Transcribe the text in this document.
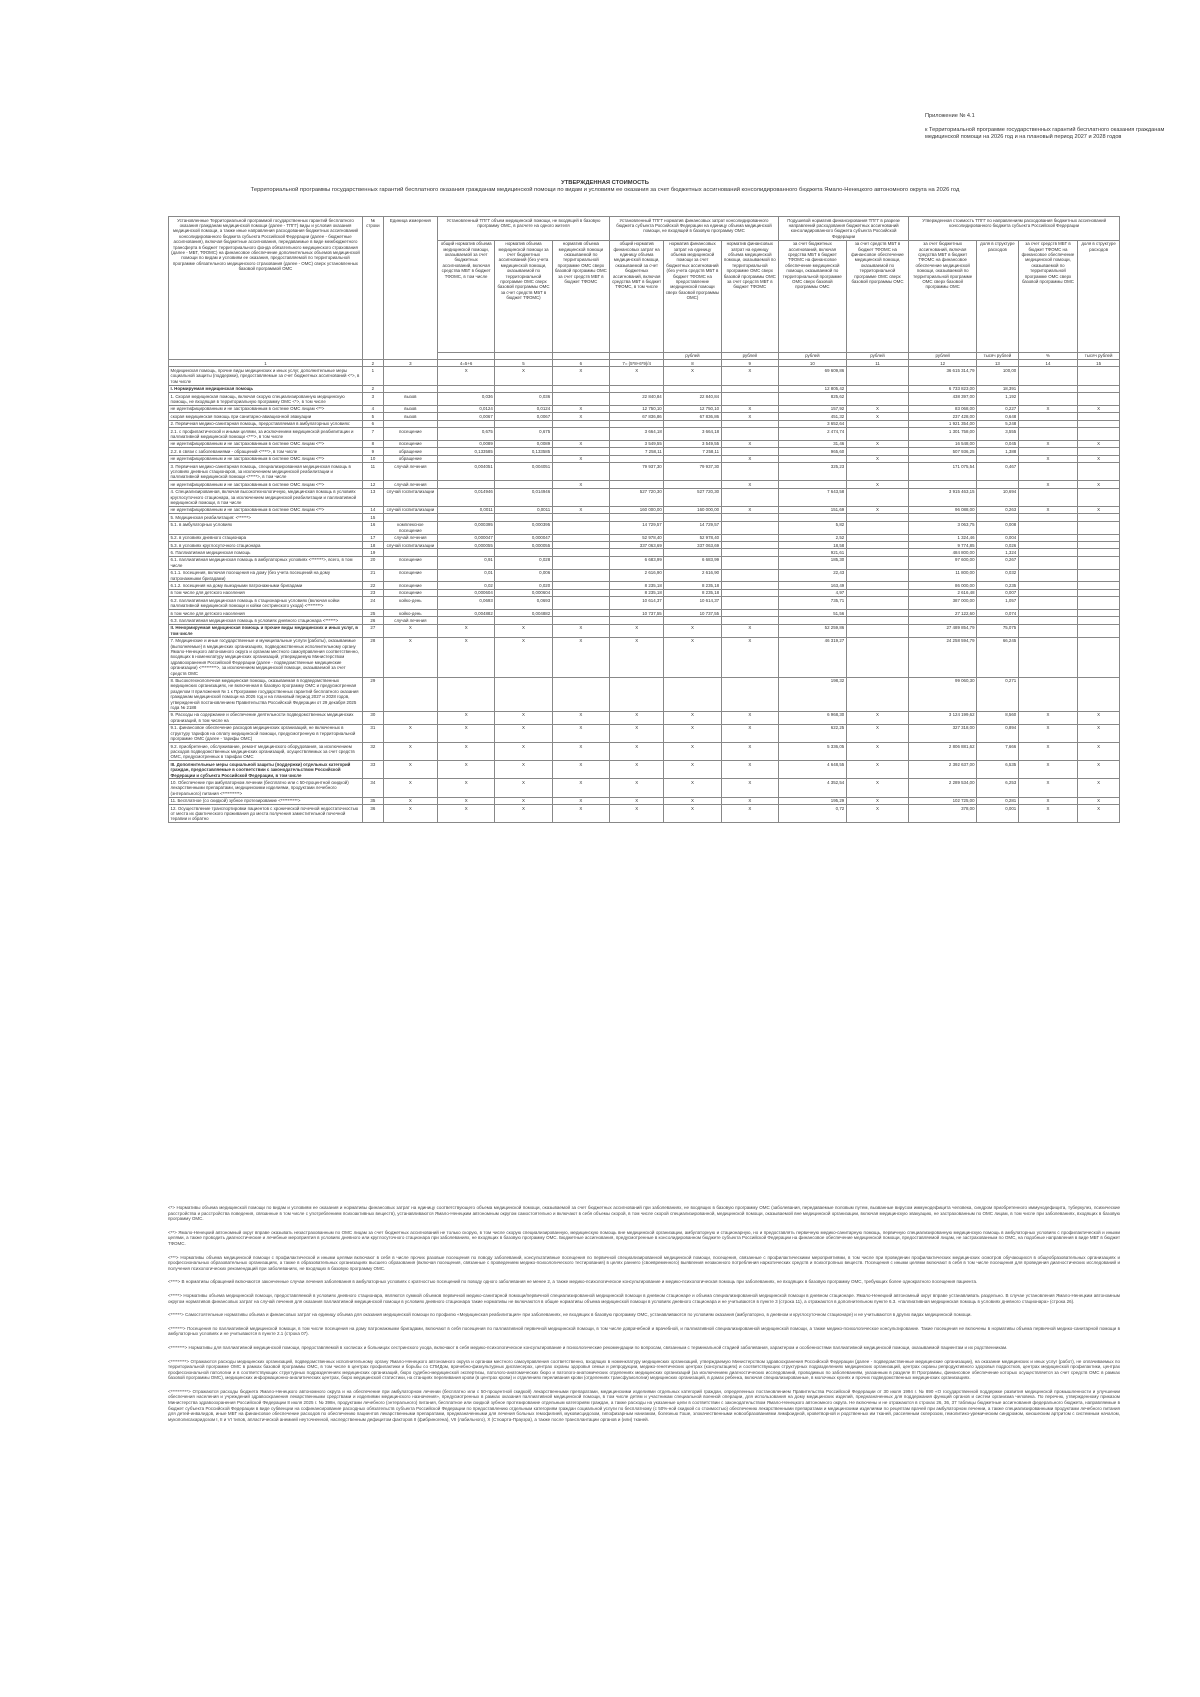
Приложение № 4.1

к Территориальной программе государственных гарантий бесплатного оказания гражданам медицинской помощи на 2026 год и на плановый период 2027 и 2028 годов

УТВЕРЖДЕННАЯ СТОИМОСТЬ
Территориальной программы государственных гарантий бесплатного оказания гражданам медицинской помощи по видам и условиям ее оказания за счет бюджетных ассигнований консолидированного бюджета Ямало-Ненецкого автономного округа на 2026 год
Установленные Территориальной программой государственных гарантий бесплатного оказания гражданам медицинской помощи (далее - ТПГГ) виды и условия оказания медицинской помощи, а также иные направления расходования бюджетных ассигнований консолидированного бюджета субъекта Российской Федерации (далее - бюджетные ассигнования), включая бюджетные ассигнования, передаваемые в виде межбюджетного трансферта в бюджет территориального фонда обязательного медицинского страхования (далее - МБТ, ТФОМС) на финансовое обеспечение дополнительных объемов медицинской помощи по видам и условиям ее оказания, предоставляемой по территориальной программе обязательного медицинского страхования (далее - ОМС) сверх установленных базовой программой ОМС	№ строки	Единица измерения	Установленный ТПГГ объем медицинской помощи, не входящей в базовую программу ОМС, в расчете на одного жителя			Установленный ТПГГ норматив финансовых затрат консолидированного бюджета субъекта Российской Федерации на единицу объема медицинской помощи, не входящей в базовую программу ОМС			Подушевой норматив финансирования ТПГГ в разрезе направлений расходования бюджетных ассигнований консолидированного бюджета субъекта Российской Федерации		Утвержденная стоимость ТПГГ по направлениям расходования бюджетных ассигнований консолидированного бюджета субъекта Российской Федерации			
			общий норматив объема медицинской помощи, оказываемой за счет бюджетных ассигнований, включая средства МБТ в бюджет ТФОМС, в том числе	норматив объема медицинской помощи за счет бюджетных ассигнований (без учета медицинской помощи, оказываемой по территориальной программе ОМС сверх базовой программы ОМС за счет средств МБТ в бюджет ТФОМС)	норматив объема медицинской помощи оказываемой по территориальной программе ОМС сверх базовой программы ОМС за счет средств МБТ в бюджет ТФОМС	общий норматив финансовых затрат на единицу объема медицинской помощи, оказываемой за счет бюджетных ассигнований, включая средства МБТ в бюджет ТФОМС, в том числе	норматив финансовых затрат на единицу объема медицинской помощи за счет бюджетных ассигнований (без учета средств МБТ в бюджет ТФОМС на предоставление медицинской помощи сверх базовой программы ОМС)	норматив финансовых затрат на единицу объема медицинской помощи, оказываемой по территориальной программе ОМС сверх базовой программы ОМС за счет средств МБТ в бюджет ТФОМС	за счет бюджетных ассигнований, включая средства МБТ в бюджет ТФОМС на финансовое обеспечение медицинской помощи, оказываемой по территориальной программе ОМС сверх базовой программы ОМС	за счет средств МБТ в бюджет ТФОМС на финансовое обеспечение медицинской помощи, оказываемой по территориальной программе ОМС сверх базовой программы ОМС	за счет бюджетных ассигнований, включая средства МБТ в бюджет ТФОМС на финансовое обеспечение медицинской помощи, оказываемой по территориальной программе ОМС сверх базовой программы ОМС	доля в структуре расходов	за счет средств МБТ в бюджет ТФОМС на финансовое обеспечение медицинской помощи, оказываемой по территориальной программе ОМС сверх базовой программы ОМС	доля в структуре расходов
							рублей	рублей	рублей	рублей	рублей	тысяч рублей	%	тысяч рублей
1	2	3	4=5+6	5	6	7= (5*8+6*9)/4	8	9	10	11	12	13	14	15
Медицинская помощь, прочие виды медицинских и иных услуг, дополнительные меры социальной защиты (поддержки), предоставляемые за счет бюджетных ассигнований <*>, в том числе	1		X	X	X	X	X	X	69 609,86		36 615 314,79	100,00		
I. Нормируемая медицинская помощь	2								12 805,42		6 733 823,00	18,391		
1. Скорая медицинская помощь, включая скорую специализированную медицинскую помощь, не входящая в территориальную программу ОМС <*>, в том числе	3	вызов	0,036	0,036		22 840,84	22 840,84		825,62		438 397,00	1,192		
не идентифицированным и не застрахованным в системе ОМС лицам <**>	4	вызов	0,0124	0,0124	X	12 750,10	12 750,10	X	157,92	X	83 068,00	0,227	X	X
скорая медицинская помощь при санитарно-авиационной эвакуации	5	вызов	0,0067	0,0067	X	67 836,86	67 836,86	X	451,32	X	237 428,00	0,648		
2. Первичная медико-санитарная помощь, предоставляемая в амбулаторных условиях:	6								3 652,64		1 921 354,00	5,248		
2.1. с профилактической и иными целями, за исключением медицинской реабилитации и паллиативной медицинской помощи <***>, в том числе	7	посещение	0,675	0,675		3 664,18	3 664,18		2 474,74		1 301 758,00	3,555		
не идентифицированным и не застрахованным в системе ОМС лицам <**>	8	посещение	0,0089	0,0089	X	3 549,55	3 549,55	X	31,46	X	16 548,00	0,045	X	X
2.2. в связи с заболеваниями - обращений <****>, в том числе	9	обращение	0,133585	0,133585		7 258,11	7 258,11		965,60		507 936,25	1,388		
не идентифицированным и не застрахованным в системе ОМС лицам <**>	10	обращение			X			X		X			X	X
3. Первичная медико-санитарная помощь, специализированная медицинская помощь в условиях дневных стационаров, за исключением медицинской реабилитации и паллиативной медицинской помощи <*****>, в том числе	11	случай лечения	0,004051	0,004051		79 937,30	79 937,30		325,23		171 075,54	0,467		
не идентифицированным и не застрахованным в системе ОМС лицам <**>	12	случай лечения			X			X		X			X	X
4. Специализированная, включая высокотехнологичную, медицинская помощь в условиях круглосуточного стационара, за исключением медицинской реабилитации и паллиативной медицинской помощи, в том числе	13	случай госпитализации	0,014946	0,014946		527 720,30	527 720,30		7 643,58		3 915 463,15	10,694		
не идентифицированным и не застрахованным в системе ОМС лицам <**>	14	случай госпитализации	0,0011	0,0011	X	160 000,00	160 000,00	X	151,69	X	96 088,00	0,263	X	X
5. Медицинская реабилитация: <******>	15													
5.1. в амбулаторных условиях	16	комплексное посещение	0,000395	0,000395		14 729,57	14 729,57		5,82		3 063,75	0,008		
5.2. в условиях дневного стационара	17	случай лечения	0,000047	0,000047		52 978,40	52 978,40		2,52		1 324,46	0,004		
5.3. в условиях круглосуточного стационара	18	случай госпитализации	0,000055	0,000055		337 063,69	337 063,69		18,58		9 774,85	0,026		
6. Паллиативная медицинская помощь	19								921,61		484 800,00	1,324		
6.1. паллиативная медицинская помощь в амбулаторных условиях <*******>, всего, в том числе	20	посещение	0,91	0,028		6 683,99	6 683,99		185,30		97 600,00	0,267		
6.1.1. посещения, включая посещения на дому (без учета посещений на дому патронажными бригадами)	21	посещение	0,01	0,006		2 616,90	2 616,90		22,43		11 800,00	0,032		
6.1.2. посещения на дому выездными патронажными бригадами	22	посещение	0,02	0,020		8 235,18	8 235,18		163,49		86 000,00	0,235		
в том числе для детского населения	23	посещение	0,000604	0,000604		8 235,18	8 235,18		4,97		2 616,48	0,007		
6.2. паллиативная медицинская помощь в стационарных условиях (включая койки паллиативной медицинской помощи и койки сестринского ухода) <********>	24	койко-день	0,0693	0,0693		10 614,37	10 614,37		735,71		387 000,00	1,057		
в том числе для детского населения	25	койко-день	0,004882	0,004882		10 737,55	10 737,55		51,56		27 122,60	0,074		
6.3. паллиативная медицинская помощь в условиях дневного стационара <******>	26	случай лечения												
II. Ненормируемая медицинская помощь и прочие виды медицинских и иных услуг, в том числе	27	X	X	X	X	X	X	X	52 259,86		27 489 854,79	75,075		
7. Медицинские и иные государственные и муниципальные услуги (работы), оказываемые (выполняемые) в медицинских организациях, подведомственных исполнительному органу Ямало-Ненецкого автономного округа и органам местного самоуправления соответственно, входящих в номенклатуру медицинских организаций, утверждаемую Министерством здравоохранения Российской Федерации (далее - подведомственные медицинские организации) <*********>, за исключением медицинской помощи, оказываемой за счет средств ОМС	28	X	X	X	X	X	X	X	46 319,27		24 258 594,79	66,245		
8. Высокотехнологичная медицинская помощь, оказываемая в подведомственных медицинских организациях, не включенная в базовую программу ОМС и предусмотренная разделом II приложения № 1 к Программе государственных гарантий бесплатного оказания гражданам медицинской помощи на 2026 год и на плановый период 2027 и 2028 годов, утвержденной постановлением Правительства Российской Федерации от 29 декабря 2025 года № 2188	29								198,32		99 060,30	0,271		
9. Расходы на содержание и обеспечение деятельности подведомственных медицинских организаций, в том числе на	30		X	X	X	X	X	X	6 968,30	X	3 124 199,62	8,560	X	X
9.1. финансовое обеспечение расходов медицинских организаций, не включенных в структуру тарифов на оплату медицинской помощи, предусмотренную в территориальной программе ОМС (далее - тарифы ОМС)	31	X	X	X	X	X	X	X	622,25	X	327 318,00	0,894	X	X
9.2. приобретение, обслуживание, ремонт медицинского оборудования, за исключением расходов подведомственных медицинских организаций, осуществляемых за счет средств ОМС, предусмотренных в тарифах ОМС	32	X	X	X	X	X	X	X	5 336,05	X	2 806 881,62	7,666	X	X
III. Дополнительные меры социальной защиты (поддержки) отдельных категорий граждан, предоставляемые в соответствии с законодательством Российской Федерации и субъекта Российской Федерации, в том числе	33	X	X	X	X	X	X	X	4 648,55	X	2 392 637,00	6,535	X	X
10. Обеспечение при амбулаторном лечении (бесплатно или с 50-процентной скидкой) лекарственными препаратами, медицинскими изделиями, продуктами лечебного (энтерального) питания <**********>	34	X	X	X	X	X	X	X	4 352,54	X	2 289 534,00	6,253	X	X
11. Бесплатное (со скидкой) зубное протезирование <**********>	35	X	X	X	X	X	X	X	195,29	X	102 725,00	0,281	X	X
12. Осуществление транспортировки пациентов с хронической почечной недостаточностью от места их фактического проживания до места получения заместительной почечной терапии и обратно	36	X	X	X	X	X	X	X	0,72	X	378,00	0,001	X	X

<*> Нормативы объема медицинской помощи по видам и условиям ее оказания и нормативы финансовых затрат на единицу соответствующего объема медицинской помощи, оказываемой за счет бюджетных ассигнований при заболеваниях, не входящих в базовую программу ОМС (заболевания, передаваемые половым путем, вызванные вирусом иммунодефицита человека, синдром приобретенного иммунодефицита, туберкулез, психические расстройства и расстройства поведения, связанные в том числе с употреблением психоактивных веществ), устанавливаются Ямало-Ненецким автономным округом самостоятельно и включают в себя объемы скорой, в том числе скорой специализированной, медицинской помощи, оказываемой вне медицинской организации, включая медицинскую эвакуацию, не застрахованным по ОМС лицам, в том числе при заболеваниях, входящих в базовую программу ОМС.

<**> Ямало-Ненецкий автономный округ вправе оказывать незастрахованным по ОМС лицам за счет бюджетных ассигнований не только скорую, в том числе скорую специализированную, медицинскую помощь вне медицинской организации, амбулаторную и стационарную, но и предоставлять первичную медико-санитарную помощь, первичную специализированную медицинскую помощь в амбулаторных условиях с профилактической и иными целями, а также проводить диагностические и лечебные мероприятия в условиях дневного или круглосуточного стационара при заболеваниях, не входящих в базовую программу ОМС. Бюджетные ассигнования, предусмотренные в консолидированном бюджете субъекта Российской Федерации на финансовое обеспечение медицинской помощи, предоставляемой лицам, не застрахованным по ОМС, на подобные направления в виде МБТ в бюджет ТФОМС.

<***> Нормативы объема медицинской помощи с профилактической и иными целями включают в себя в числе прочих разовые посещения по поводу заболеваний, консультативные посещения по первичной специализированной медицинской помощи, посещения, связанные с профилактическими мероприятиями, в том числе при проведении профилактических медицинских осмотров обучающихся в общеобразовательных организациях и профессиональных образовательных организациях, а также в образовательных организациях высшего образования (включая посещения, связанные с проведением медико-психологического тестирования) в целях раннего (своевременного) выявления незаконного потребления наркотических средств и психотропных веществ. Посещения с иными целями включают в себя в том числе посещения для проведения диагностических исследований и получения психологических рекомендаций при заболеваниях, не входящих в базовую программу ОМС.

<****> В нормативы обращений включаются законченные случаи лечения заболевания в амбулаторных условиях с кратностью посещений по поводу одного заболевания не менее 2, а также медико-психологическое консультирование и медико-психологическая помощь при заболеваниях, не входящих в базовую программу ОМС, требующих более однократного посещения пациента.

<*****> Нормативы объема медицинской помощи, предоставляемой в условиях дневного стационара, являются суммой объемов первичной медико-санитарной помощи/первичной специализированной медицинской помощи в дневном стационаре и объема специализированной медицинской помощи в дневном стационаре. Ямало-Ненецкий автономный округ вправе устанавливать раздельно. В случае установления Ямало-Ненецким автономным округом нормативов финансовых затрат на случай лечения для оказания паллиативной медицинской помощи в условиях дневного стационара такие нормативы не включаются в общие нормативы объема медицинской помощи в условиях дневного стационара и не учитываются в пункте 3 (строка 11), а отражаются в дополнительном пункте 6.3. «паллиативная медицинская помощь в условиях дневного стационара» (строка 26).

<******> Самостоятельные нормативы объема и финансовых затрат на единицу объема для оказания медицинской помощи по профилю «Медицинская реабилитация» при заболеваниях, не входящих в базовую программу ОМС, устанавливаются по условиям оказания (амбулаторно, в дневном и круглосуточном стационаре) и не учитываются в других видах медицинской помощи.

<*******> Посещения по паллиативной медицинской помощи, в том числе посещения на дому патронажными бригадами, включают в себя посещения по паллиативной первичной медицинской помощи, в том числе доврачебной и врачебной, и паллиативной специализированной медицинской помощи, а также медико-психологическое консультирование. Такие посещения не включены в нормативы объема первичной медико-санитарной помощи в амбулаторных условиях и не учитываются в пункте 2.1 (строка 07).

<********> Нормативы для паллиативной медицинской помощи, предоставляемой в хосписах и больницах сестринского ухода, включают в себя медико-психологическое консультирование и психологические рекомендации по вопросам, связанным с терминальной стадией заболевания, характером и особенностями паллиативной медицинской помощи, оказываемой пациентам и их родственникам.

<*********> Отражаются расходы медицинских организаций, подведомственных исполнительному органу Ямало-Ненецкого автономного округа и органам местного самоуправления соответственно, входящих в номенклатуру медицинских организаций, утверждаемую Министерством здравоохранения Российской Федерации (далее - подведомственные медицинские организации), на оказание медицинских и иных услуг (работ), не оплачиваемых по территориальной программе ОМС в рамках базовой программы ОМС, в том числе в центрах профилактики и борьбы со СПИДом, врачебно-физкультурных диспансерах, центрах охраны здоровья семьи и репродукции, медико-генетических центрах (консультациях) и соответствующих структурных подразделениях медицинских организаций, центрах охраны репродуктивного здоровья подростков, центрах медицинской профилактики, центрах профессиональной патологии и в соответствующих структурных подразделениях медицинских организаций, бюро судебно-медицинской экспертизы, патолого-анатомических бюро и патолого-анатомических отделениях медицинских организаций (за исключением диагностических исследований, проводимых по заболеваниям, указанным в разделе III Программы, финансовое обеспечение которых осуществляется за счет средств ОМС в рамках базовой программы ОМС), медицинских информационно-аналитических центрах, бюро медицинской статистики, на станциях переливания крови (в центрах крови) и отделениях переливания крови (отделениях трансфузиологии) медицинских организаций, в домах ребенка, включая специализированные, в молочных кухнях и прочих подведомственных медицинских организациях.

<**********> Отражаются расходы бюджета Ямало-Ненецкого автономного округа и на обеспечение при амбулаторном лечении (бесплатно или с 50-процентной скидкой) лекарственными препаратами, медицинскими изделиями отдельных категорий граждан, определенных постановлением Правительства Российской Федерации от 30 июля 1994 г. № 890 «О государственной поддержке развития медицинской промышленности и улучшении обеспечения населения и учреждений здравоохранения лекарственными средствами и изделиями медицинского назначения», предусмотренных в рамках оказания паллиативной медицинской помощи, в том числе детям и участникам специальной военной операции, для использования на дому медицинских изделий, предназначенных для поддержания функций органов и систем организма человека. По перечню, утвержденному приказом Министерства здравоохранения Российской Федерации 8 июля 2025 г. № 398н, продуктами лечебного (энтерального) питания, бесплатное или скидкой зубное протезирование отдельным категориям граждан, а также расходы на указанные цели в соответствии с законодательством Ямало-Ненецкого автономного округа. Не включены и не отражаются в строках 26, 36, 37 таблицы бюджетные ассигнования федерального бюджета, направляемые в бюджет субъекта Российской Федерации в виде субвенции на софинансирование расходных обязательств субъекта Российской Федерации по предоставлению отдельным категориям граждан социальной услуги по бесплатному (с 50%-ной скидкой со стоимостью) обеспечению лекарственными препаратами и медицинскими изделиями по рецептам врачей при амбулаторном лечении, а также специализированными продуктами лечебного питания для детей-инвалидов, иные МБТ на финансовое обеспечение расходов по обеспечению пациентов лекарственными препаратами, предназначенными для лечения больных гемофилией, муковисцидозом, гипофизарным нанизмом, болезнью Гоше, злокачественными новообразованиями лимфоидной, кроветворной и родственных им тканей, рассеянным склерозом, гемолитико-уремическим синдромом, юношеским артритом с системным началом, мукополисахаридозом I, II и VI типов, апластической анемией неуточненной, наследственным дефицитом факторов II (фибриногена), VII (лабильного), X (Стюарта-Прауэра), а также после трансплантации органов и (или) тканей.
